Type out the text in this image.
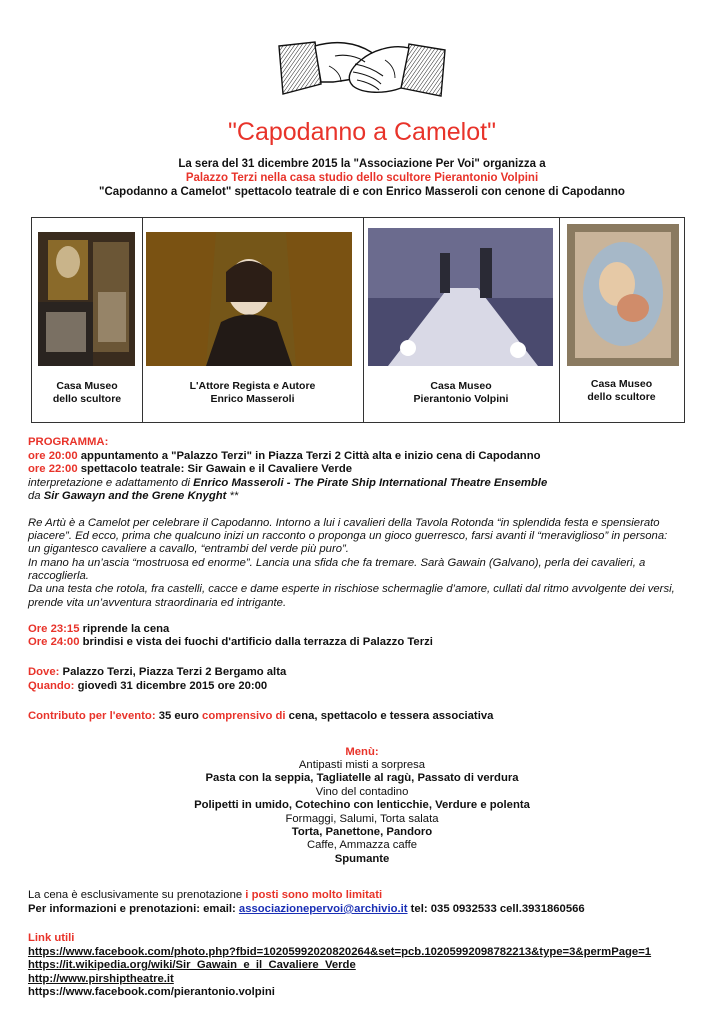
"Capodanno a Camelot"
La sera del 31 dicembre 2015 la "Associazione Per Voi" organizza a
Palazzo Terzi nella casa studio dello scultore Pierantonio Volpini
"Capodanno a Camelot" spettacolo teatrale di e con Enrico Masseroli con cenone di Capodanno
Casa Museo
dello scultore
L'Attore Regista e Autore
Enrico Masseroli
Casa Museo
Pierantonio Volpini
Casa Museo
dello scultore
PROGRAMMA:
ore 20:00 appuntamento a "Palazzo Terzi" in Piazza Terzi 2 Città alta e inizio cena di Capodanno
ore 22:00 spettacolo teatrale: Sir Gawain e il Cavaliere Verde
interpretazione e adattamento di Enrico Masseroli - The Pirate Ship International Theatre Ensemble
da Sir Gawayn and the Grene Knyght **
Re Artù è a Camelot per celebrare il Capodanno. Intorno a lui i cavalieri della Tavola Rotonda “in splendida festa e spensierato
piacere”. Ed ecco, prima che qualcuno inizi un racconto o proponga un gioco guerresco, farsi avanti il “meraviglioso” in persona:
un gigantesco cavaliere a cavallo, “entrambi del verde più puro”.
In mano ha un’ascia “mostruosa ed enorme”. Lancia una sfida che fa tremare. Sarà Gawain (Galvano), perla dei cavalieri, a
raccoglierla.
Da una testa che rotola, fra castelli, cacce e dame esperte in rischiose schermaglie d’amore, cullati dal ritmo avvolgente dei versi,
prende vita un’avventura straordinaria ed intrigante.
Ore 23:15 riprende la cena
Ore 24:00 brindisi e vista dei fuochi d'artificio dalla terrazza di Palazzo Terzi
Dove: Palazzo Terzi, Piazza Terzi 2 Bergamo alta
Quando: giovedì 31 dicembre 2015 ore 20:00
Contributo per l'evento: 35 euro comprensivo di cena, spettacolo e tessera associativa
Menù:
Antipasti misti a sorpresa
Pasta con la seppia, Tagliatelle al ragù, Passato di verdura
Vino del contadino
Polipetti in umido, Cotechino con lenticchie, Verdure e polenta
Formaggi, Salumi, Torta salata
Torta, Panettone, Pandoro
Caffe, Ammazza caffe
Spumante
La cena è esclusivamente su prenotazione i posti sono molto limitati
Per informazioni e prenotazioni: email: associazionepervoi@archivio.it tel: 035 0932533 cell.3931860566
Link utili
https://www.facebook.com/photo.php?fbid=10205992020820264&set=pcb.10205992098782213&type=3&permPage=1
https://it.wikipedia.org/wiki/Sir_Gawain_e_il_Cavaliere_Verde
http://www.pirshiptheatre.it
https://www.facebook.com/pierantonio.volpini
